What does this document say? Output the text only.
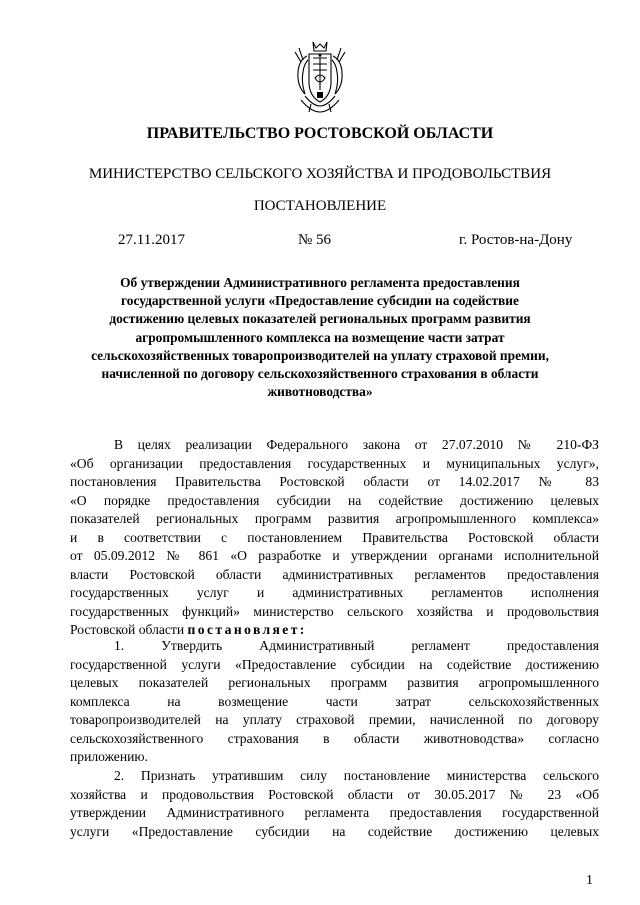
ПРАВИТЕЛЬСТВО РОСТОВСКОЙ ОБЛАСТИ
МИНИСТЕРСТВО СЕЛЬСКОГО ХОЗЯЙСТВА И ПРОДОВОЛЬСТВИЯ
ПОСТАНОВЛЕНИЕ
27.11.2017	№ 56	г. Ростов-на-Дону
Об утверждении Административного регламента предоставления
государственной услуги «Предоставление субсидии на содействие
достижению целевых показателей региональных программ развития
агропромышленного комплекса на возмещение части затрат
сельскохозяйственных товаропроизводителей на уплату страховой премии,
начисленной по договору сельскохозяйственного страхования в области
животноводства»
В целях реализации Федерального закона от 27.07.2010 № 210-ФЗ
«Об организации предоставления государственных и муниципальных услуг»,
постановления Правительства Ростовской области от 14.02.2017 № 83
«О порядке предоставления субсидии на содействие достижению целевых
показателей региональных программ развития агропромышленного комплекса»
и в соответствии с постановлением Правительства Ростовской области
от 05.09.2012 № 861 «О разработке и утверждении органами исполнительной
власти Ростовской области административных регламентов предоставления
государственных услуг и административных регламентов исполнения
государственных функций» министерство сельского хозяйства и продовольствия
Ростовской области постановляет:
1. Утвердить Административный регламент предоставления
государственной услуги «Предоставление субсидии на содействие достижению
целевых показателей региональных программ развития агропромышленного
комплекса на возмещение части затрат сельскохозяйственных
товаропроизводителей на уплату страховой премии, начисленной по договору
сельскохозяйственного страхования в области животноводства» согласно
приложению.
2. Признать утратившим силу постановление министерства сельского
хозяйства и продовольствия Ростовской области от 30.05.2017 № 23 «Об
утверждении Административного регламента предоставления государственной
услуги «Предоставление субсидии на содействие достижению целевых
1
